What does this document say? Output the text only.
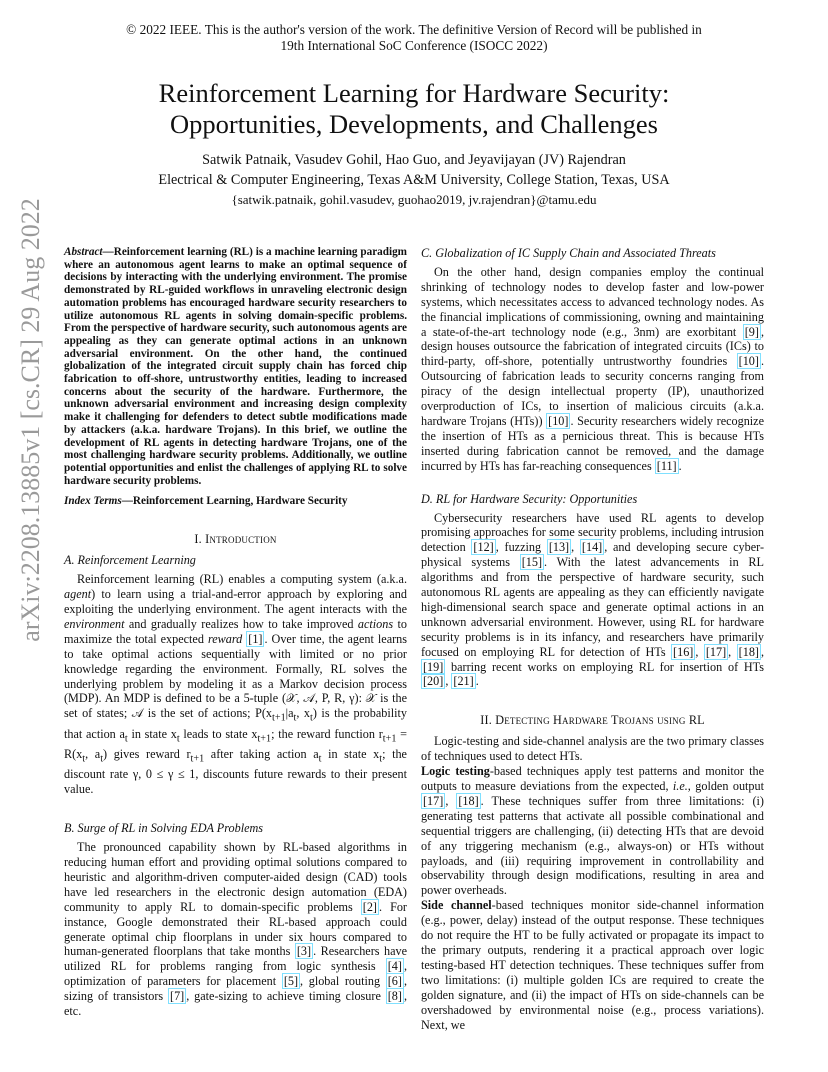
© 2022 IEEE. This is the author's version of the work. The definitive Version of Record will be published in
19th International SoC Conference (ISOCC 2022)
Reinforcement Learning for Hardware Security:
Opportunities, Developments, and Challenges
Satwik Patnaik, Vasudev Gohil, Hao Guo, and Jeyavijayan (JV) Rajendran
Electrical & Computer Engineering, Texas A&M University, College Station, Texas, USA
{satwik.patnaik, gohil.vasudev, guohao2019, jv.rajendran}@tamu.edu
arXiv:2208.13885v1 [cs.CR] 29 Aug 2022 Abstract—Reinforcement learning (RL) is a machine learning paradigm where an autonomous agent learns to make an optimal sequence of decisions by interacting with the underlying environment. The promise demonstrated by RL-guided workflows in unraveling electronic design automation problems has encouraged hardware security researchers to utilize autonomous RL agents in solving domain-specific problems. From the perspective of hardware security, such autonomous agents are appealing as they can generate optimal actions in an unknown adversarial environment. On the other hand, the continued globalization of the integrated circuit supply chain has forced chip fabrication to off-shore, untrustworthy entities, leading to increased concerns about the security of the hardware. Furthermore, the unknown adversarial environment and increasing design complexity make it challenging for defenders to detect subtle modifications made by attackers (a.k.a. hardware Trojans). In this brief, we outline the development of RL agents in detecting hardware Trojans, one of the most challenging hardware security problems. Additionally, we outline potential opportunities and enlist the challenges of applying RL to solve hardware security problems.

Index Terms—Reinforcement Learning, Hardware Security

I. Introduction
A. Reinforcement Learning

Reinforcement learning (RL) enables a computing system (a.k.a. agent) to learn using a trial-and-error approach by exploring and exploiting the underlying environment. The agent interacts with the environment and gradually realizes how to take improved actions to maximize the total expected reward [1] . Over time, the agent learns to take optimal actions sequentially with limited or no prior knowledge regarding the environment. Formally, RL solves the underlying problem by modeling it as a Markov decision process (MDP). An MDP is defined to be a 5-tuple (𝒳, 𝒜, P, R, γ): 𝒳 is the set of states; 𝒜 is the set of actions; $P(x_{t+1}|a_t$, $x_t$) is the probability that action $a_t$ in state $x_t$ leads to state $x_{t+1}$; the reward function $r_{t+1} = R(x_t$, $a_t$) gives reward $r_{t+1}$ after taking action $a_t$ in state $x_t$; the discount rate γ, 0 ≤ γ ≤ 1, discounts future rewards to their present value.

B. Surge of RL in Solving EDA Problems

The pronounced capability shown by RL-based algorithms in reducing human effort and providing optimal solutions compared to heuristic and algorithm-driven computer-aided design (CAD) tools have led researchers in the electronic design automation (EDA) community to apply RL to domain-specific problems [2] . For instance, Google demonstrated their RL-based approach could generate optimal chip floorplans in under six hours compared to human-generated floorplans that take months [3] . Researchers have utilized RL for problems ranging from logic synthesis [4] , optimization of parameters for placement [5] , global routing [6] , sizing of transistors [7] , gate-sizing to achieve timing closure [8] , etc.

C. Globalization of IC Supply Chain and Associated Threats

On the other hand, design companies employ the continual shrinking of technology nodes to develop faster and low-power systems, which necessitates access to advanced technology nodes. As the financial implications of commissioning, owning and maintaining a state-of-the-art technology node (e.g., 3nm) are exorbitant [9] , design houses outsource the fabrication of integrated circuits (ICs) to third-party, off-shore, potentially untrustworthy foundries [10] . Outsourcing of fabrication leads to security concerns ranging from piracy of the design intellectual property (IP), unauthorized overproduction of ICs, to insertion of malicious circuits (a.k.a. hardware Trojans (HTs)) [10] . Security researchers widely recognize the insertion of HTs as a pernicious threat. This is because HTs inserted during fabrication cannot be removed, and the damage incurred by HTs has far-reaching consequences [11] .

D. RL for Hardware Security: Opportunities

Cybersecurity researchers have used RL agents to develop promising approaches for some security problems, including intrusion detection [12] , fuzzing [13] , [14] , and developing secure cyber-physical systems [15] . With the latest advancements in RL algorithms and from the perspective of hardware security, such autonomous RL agents are appealing as they can efficiently navigate high-dimensional search space and generate optimal actions in an unknown adversarial environment. However, using RL for hardware security problems is in its infancy, and researchers have primarily focused on employing RL for detection of HTs [16] , [17] , [18] , [19] barring recent works on employing RL for insertion of HTs [20] , [21] .

II. Detecting Hardware Trojans using RL

Logic-testing and side-channel analysis are the two primary classes of techniques used to detect HTs.

Logic testing-based techniques apply test patterns and monitor the outputs to measure deviations from the expected, i.e., golden output [17] , [18] . These techniques suffer from three limitations: (i) generating test patterns that activate all possible combinational and sequential triggers are challenging, (ii) detecting HTs that are devoid of any triggering mechanism (e.g., always-on) or HTs without payloads, and (iii) requiring improvement in controllability and observability through design modifications, resulting in area and power overheads.

Side channel-based techniques monitor side-channel information (e.g., power, delay) instead of the output response. These techniques do not require the HT to be fully activated or propagate its impact to the primary outputs, rendering it a practical approach over logic testing-based HT detection techniques. These techniques suffer from two limitations: (i) multiple golden ICs are required to create the golden signature, and (ii) the impact of HTs on side-channels can be overshadowed by environmental noise (e.g., process variations). Next, we
